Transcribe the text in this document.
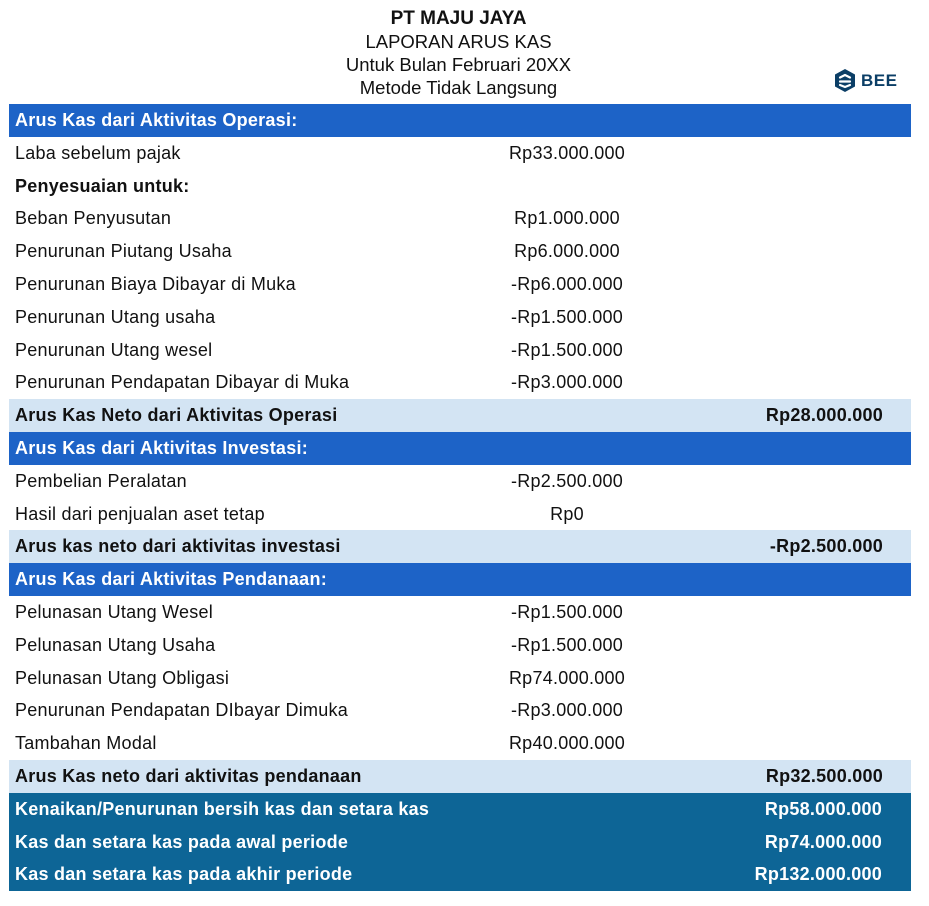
PT MAJU JAYA
LAPORAN ARUS KAS
Untuk Bulan Februari 20XX
Metode Tidak Langsung	BEE
Arus Kas dari Aktivitas Operasi:
Laba sebelum pajak	Rp33.000.000
Penyesuaian untuk:
Beban Penyusutan	Rp1.000.000
Penurunan Piutang Usaha	Rp6.000.000
Penurunan Biaya Dibayar di Muka	-Rp6.000.000
Penurunan Utang usaha	-Rp1.500.000
Penurunan Utang wesel	-Rp1.500.000
Penurunan Pendapatan Dibayar di Muka	-Rp3.000.000
Arus Kas Neto dari Aktivitas Operasi	Rp28.000.000
Arus Kas dari Aktivitas Investasi:
Pembelian Peralatan	-Rp2.500.000
Hasil dari penjualan aset tetap	Rp0
Arus kas neto dari aktivitas investasi	-Rp2.500.000
Arus Kas dari Aktivitas Pendanaan:
Pelunasan Utang Wesel	-Rp1.500.000
Pelunasan Utang Usaha	-Rp1.500.000
Pelunasan Utang Obligasi	Rp74.000.000
Penurunan Pendapatan DIbayar Dimuka	-Rp3.000.000
Tambahan Modal	Rp40.000.000
Arus Kas neto dari aktivitas pendanaan	Rp32.500.000
Kenaikan/Penurunan bersih kas dan setara kas	Rp58.000.000
Kas dan setara kas pada awal periode	Rp74.000.000
Kas dan setara kas pada akhir periode	Rp132.000.000
